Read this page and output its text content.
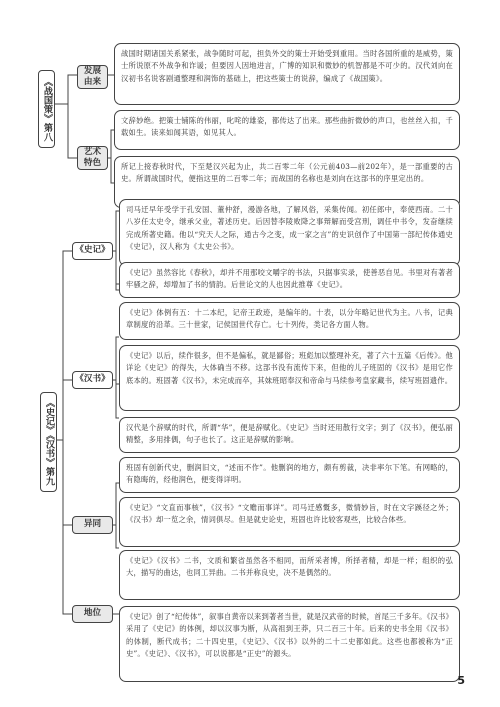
《战国策》第八
发展
由来
艺术
特色
战国时期诸国关系紧张，战争随时可起，担负外交的策士开始受到重用。当时各国所重的是威势，策士所说原不外战争和诈谖；但要因人因地进言，广博的知识和微妙的机智都是不可少的。汉代刘向在汉初书名说客剧通整理和润饰的基础上，把这些策士的说辞，编成了《战国策》。
文辞妙绝。把策士铺陈的伟丽，叱咤的雄姿，都传达了出来。那些曲折微妙的声口，也丝丝入扣，千载如生。读来如闻其语，如见其人。
所记上接春秋时代，下至楚汉兴起为止，共二百零二年（公元前403—前202年），是一部重要的古史。所谓战国时代，便指这里的二百零二年；而战国的名称也是刘向在这部书的序里定出的。
《史记》《汉书》第九
《史记》
《汉书》
异同
地位
司马迁早年受学于孔安国、董仲舒，漫游各地，了解风俗，采集传闻。初任郎中，奉使西南。二十八岁任太史令，继承父业，著述历史。后因替李陵败降之事辩解而受宫刑，调任中书令，发奋继续完成所著史籍。他以“究天人之际，通古今之变，成一家之言”的史识创作了中国第一部纪传体通史《史记》，汉人称为《太史公书》。
《史记》虽然容比《春秋》，却并不用那咬文嚼字的书法，只据事实录，使善恶自见。书里对有著者牢骚之辞，却增加了书的情韵。后世论文的人也因此推尊《史记》。
《史记》体例有五：十二本纪，记帝王政迹，是编年的。十表，以分年略记世代为主。八书，记典章制度的沿革。三十世家，记侯国世代存亡。七十列传，类记各方面人物。
《史记》以后，续作很多，但不是偏私，就是鄙俗；班彪加以整理补充，著了六十五篇《后传》。他详论《史记》的得失，大体确当不移。这部书没有流传下来，但他的儿子班固的《汉书》是用它作底本的。班固著《汉书》，未完成而卒，其妹班昭奉汉和帝命与马续参考皇家藏书，续写班固遗作。
汉代是个辞赋的时代，所谓“华”，便是辞赋化。《史记》当时还用散行文字；到了《汉书》，便弘丽精整，多用排偶，句子也长了。这正是辞赋的影响。
班固有创新代史，删润旧文，“述而不作”。他删润的地方，颇有剪裁，决非率尔下笔。有网略的，有隐晦的，经他润色，便变得详明。
《史记》“文直而事核”，《汉书》“文赡而事详”。司马迁感慨多，微情妙旨，时在文字蹊径之外；《汉书》却一览之余，情词俱尽。但是就史论史，班固也许比较客观些，比较合体些。
《史记》《汉书》二书，文质和繁省虽然各不相同，而所采者博，所择者精，却是一样；组织的弘大，描写的曲达，也同工异曲。二书并称良史，决不是偶然的。
《史记》创了“纪传体”，叙事自黄帝以来到著者当世，就是汉武帝的时候，首尾三千多年。《汉书》采用了《史记》的体例，却以汉事为断，从高祖到王莽，只二百三十年。后来的史书全用《汉书》的体制，断代成书；二十四史里，《史记》、《汉书》以外的二十二史都如此。这些也都被称为“正史”。《史记》、《汉书》，可以说都是“正史”的源头。
5
